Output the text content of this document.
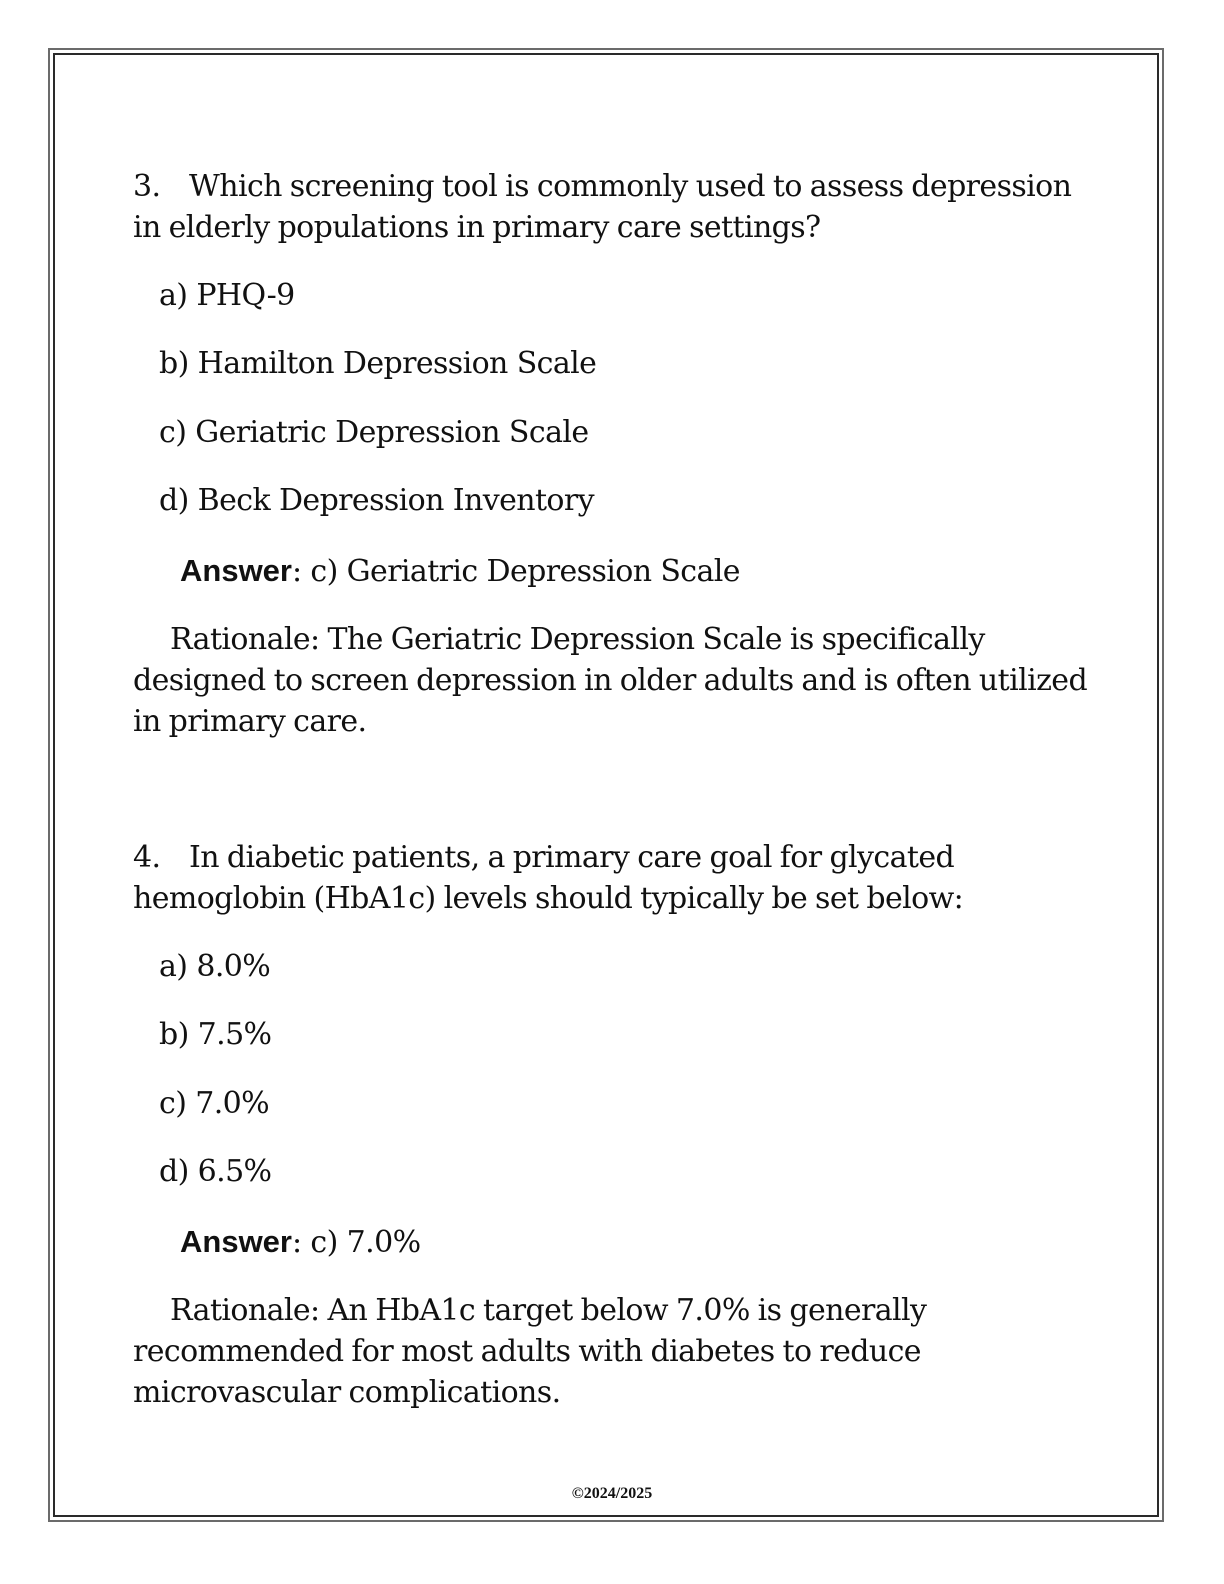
3. Which screening tool is commonly used to assess depression in elderly populations in primary care settings?
a) PHQ-9
b) Hamilton Depression Scale
c) Geriatric Depression Scale
d) Beck Depression Inventory
Answer: c) Geriatric Depression Scale
Rationale: The Geriatric Depression Scale is specifically designed to screen depression in older adults and is often utilized in primary care.
4. In diabetic patients, a primary care goal for glycated hemoglobin (HbA1c) levels should typically be set below:
a) 8.0%
b) 7.5%
c) 7.0%
d) 6.5%
Answer: c) 7.0%
Rationale: An HbA1c target below 7.0% is generally recommended for most adults with diabetes to reduce microvascular complications.
©2024/2025
